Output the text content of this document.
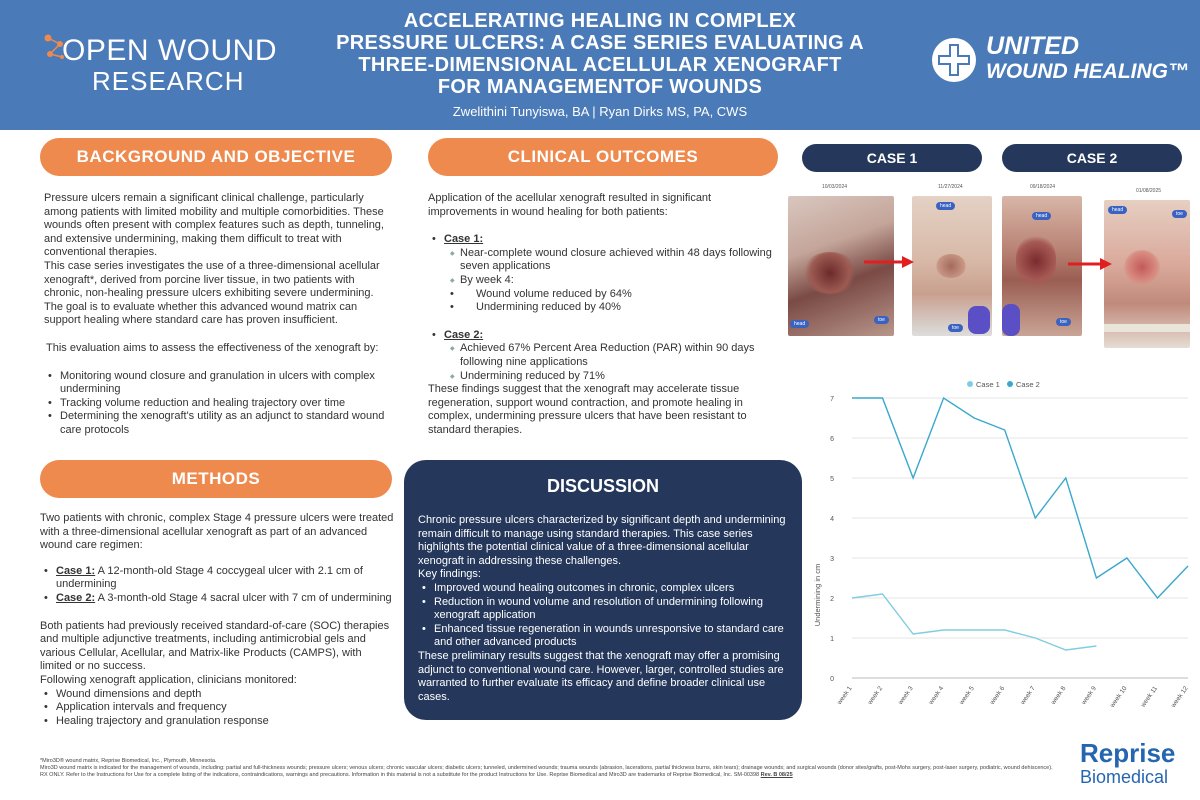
OPEN WOUND
RESEARCH
ACCELERATING HEALING IN COMPLEX
PRESSURE ULCERS: A CASE SERIES EVALUATING A
THREE-DIMENSIONAL ACELLULAR XENOGRAFT
FOR MANAGEMENTOF WOUNDS
Zwelithini Tunyiswa, BA | Ryan Dirks MS, PA, CWS
UNITED
WOUND HEALING™
BACKGROUND AND OBJECTIVE

Pressure ulcers remain a significant clinical challenge, particularly among patients with limited mobility and multiple comorbidities. These wounds often present with complex features such as depth, tunneling, and extensive undermining, making them difficult to treat with conventional therapies.

This case series investigates the use of a three-dimensional acellular xenograft*, derived from porcine liver tissue, in two patients with chronic, non-healing pressure ulcers exhibiting severe undermining. The goal is to evaluate whether this advanced wound matrix can support healing where standard care has proven insufficient.

This evaluation aims to assess the effectiveness of the xenograft by:

• Monitoring wound closure and granulation in ulcers with complex undermining
• Tracking volume reduction and healing trajectory over time
• Determining the xenograft's utility as an adjunct to standard wound care protocols
METHODS

Two patients with chronic, complex Stage 4 pressure ulcers were treated with a three-dimensional acellular xenograft as part of an advanced wound care regimen:

• Case 1: A 12-month-old Stage 4 coccygeal ulcer with 2.1 cm of undermining
• Case 2: A 3-month-old Stage 4 sacral ulcer with 7 cm of undermining

Both patients had previously received standard-of-care (SOC) therapies and multiple adjunctive treatments, including antimicrobial gels and various Cellular, Acellular, and Matrix-like Products (CAMPS), with limited or no success.

Following xenograft application, clinicians monitored:

• Wound dimensions and depth
• Application intervals and frequency
• Healing trajectory and granulation response
CLINICAL OUTCOMES

Application of the acellular xenograft resulted in significant improvements in wound healing for both patients:

• Case 1:
◆ Near-complete wound closure achieved within 48 days following seven applications
◆ By week 4:
• Wound volume reduced by 64%
• Undermining reduced by 40%
• Case 2:
◆ Achieved 67% Percent Area Reduction (PAR) within 90 days following nine applications
◆ Undermining reduced by 71%

These findings suggest that the xenograft may accelerate tissue regeneration, support wound contraction, and promote healing in complex, undermining pressure ulcers that have been resistant to standard therapies.

DISCUSSION

Chronic pressure ulcers characterized by significant depth and undermining remain difficult to manage using standard therapies. This case series highlights the potential clinical value of a three-dimensional acellular xenograft in addressing these challenges.

Key findings:

• Improved wound healing outcomes in chronic, complex ulcers
• Reduction in wound volume and resolution of undermining following xenograft application
• Enhanced tissue regeneration in wounds unresponsive to standard care and other advanced products

These preliminary results suggest that the xenograft may offer a promising adjunct to conventional wound care. However, larger, controlled studies are warranted to further evaluate its efficacy and define broader clinical use cases.

CASE 1	CASE 2
10/03/2024	11/27/2024	09/18/2024
01/08/2025
head
toe
head
toe
head
toe
head
toe
Case 1 Case 2
0
1
2
3
4
5
6
7
week 1 week 2 week 3 week 4 week 5 week 6 week 7 week 8 week 9 week 10 week 11 week 12
Undermining in cm
*Miro3D® wound matrix, Reprise Biomedical, Inc., Plymouth, Minnesota.
Miro3D wound matrix is indicated for the management of wounds, including: partial and full-thickness wounds; pressure ulcers; venous ulcers; chronic vascular ulcers; diabetic ulcers; tunneled, undermined wounds; trauma wounds (abrasion, lacerations, partial thickness burns, skin tears); drainage wounds; and surgical wounds (donor sites/grafts, post-Mohs surgery, post-laser surgery, podiatric, wound dehiscence).
RX ONLY. Refer to the Instructions for Use for a complete listing of the indications, contraindications, warnings and precautions. Information in this material is not a substitute for the product Instructions for Use. Reprise Biomedical and Miro3D are trademarks of Reprise Biomedical, Inc. SM-00398 Rev. B 08/25
Reprise
Biomedical
